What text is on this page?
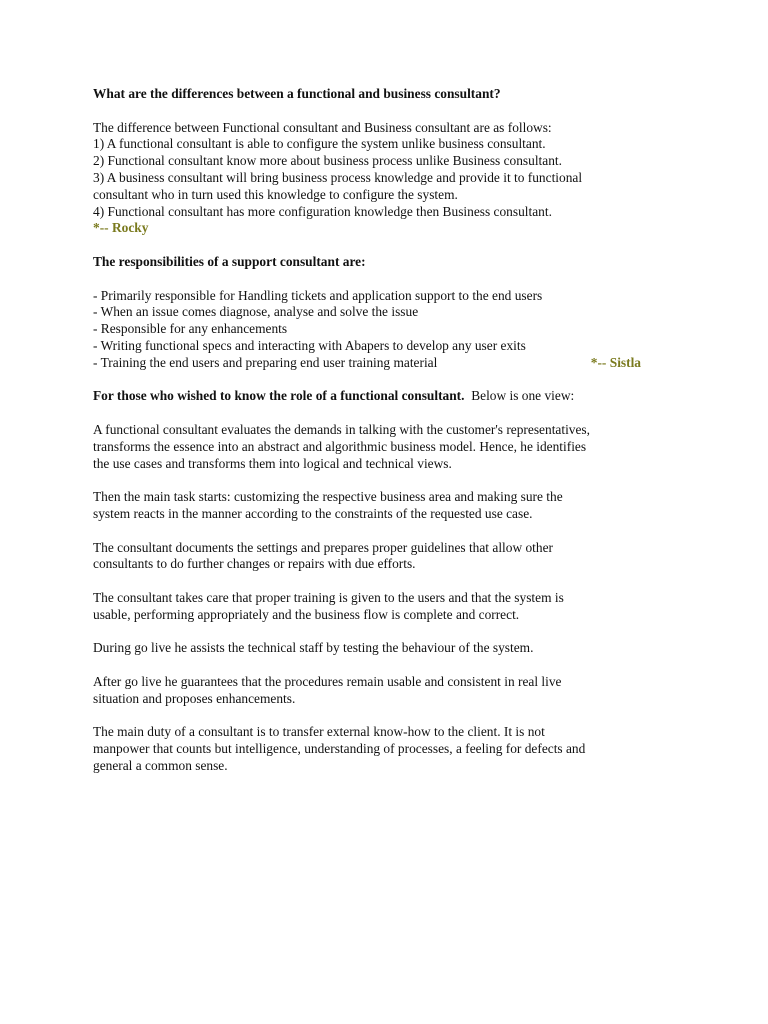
What are the differences between a functional and business consultant?

The difference between Functional consultant and Business consultant are as follows:

1) A functional consultant is able to configure the system unlike business consultant.

2) Functional consultant know more about business process unlike Business consultant.

3) A business consultant will bring business process knowledge and provide it to functional

consultant who in turn used this knowledge to configure the system.

4) Functional consultant has more configuration knowledge then Business consultant.

*-- Rocky

The responsibilities of a support consultant are:

- Primarily responsible for Handling tickets and application support to the end users

- When an issue comes diagnose, analyse and solve the issue

- Responsible for any enhancements

- Writing functional specs and interacting with Abapers to develop any user exits

- Training the end users and preparing end user training material	*-- Sistla

For those who wished to know the role of a functional consultant. Below is one view:

A functional consultant evaluates the demands in talking with the customer's representatives,

transforms the essence into an abstract and algorithmic business model. Hence, he identifies

the use cases and transforms them into logical and technical views.

Then the main task starts: customizing the respective business area and making sure the

system reacts in the manner according to the constraints of the requested use case.

The consultant documents the settings and prepares proper guidelines that allow other

consultants to do further changes or repairs with due efforts.

The consultant takes care that proper training is given to the users and that the system is

usable, performing appropriately and the business flow is complete and correct.

During go live he assists the technical staff by testing the behaviour of the system.

After go live he guarantees that the procedures remain usable and consistent in real live

situation and proposes enhancements.

The main duty of a consultant is to transfer external know-how to the client. It is not

manpower that counts but intelligence, understanding of processes, a feeling for defects and

general a common sense.
